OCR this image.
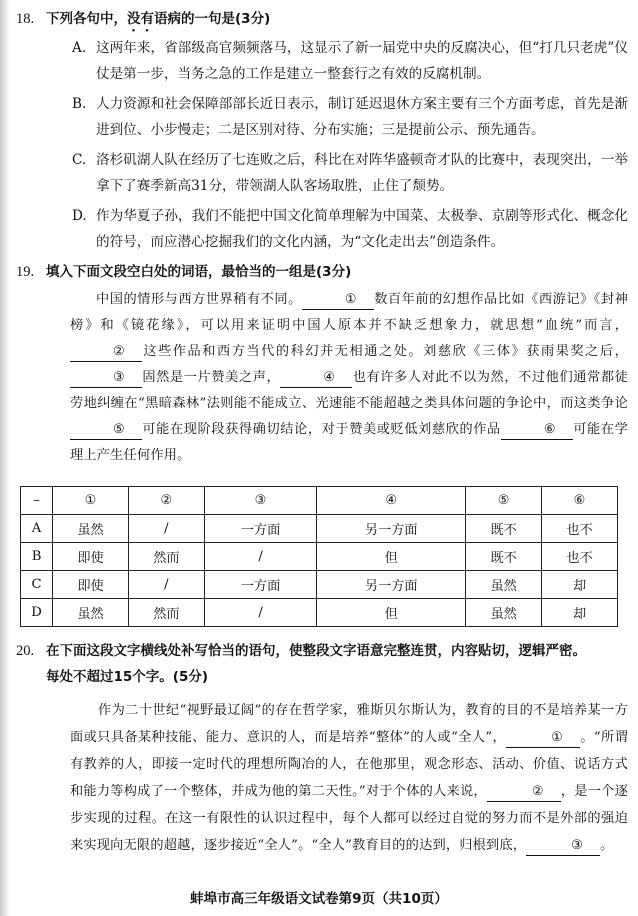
18. 下列各句中，没有语病的一句是(3分)
A. 这两年来，省部级高官频频落马，这显示了新一届党中央的反腐决心，但“打几只老虎”仪仗是第一步，当务之急的工作是建立一整套行之有效的反腐机制。
B. 人力资源和社会保障部部长近日表示，制订延迟退休方案主要有三个方面考虑，首先是渐进到位、小步慢走；二是区别对待、分布实施；三是提前公示、预先通告。
C. 洛杉矶湖人队在经历了七连败之后，科比在对阵华盛顿奇才队的比赛中，表现突出，一举拿下了赛季新高31分，带领湖人队客场取胜，止住了颓势。
D. 作为华夏子孙，我们不能把中国文化简单理解为中国菜、太极拳、京剧等形式化、概念化的符号，而应潜心挖掘我们的文化内涵，为“文化走出去”创造条件。
19. 填入下面文段空白处的词语，最恰当的一组是(3分)
中国的情形与西方世界稍有不同。	① 数百年前的幻想作品比如《西游记》《封神榜》和《镜花缘》，可以用来证明中国人原本并不缺乏想象力，就思想“血统”而言，② 这些作品和西方当代的科幻并无相通之处。刘慈欣《三体》获雨果奖之后，③ 固然是一片赞美之声，	④ 也有许多人对此不以为然，不过他们通常都徒劳地纠缠在“黑暗森林”法则能不能成立、光速能不能超越之类具体问题的争论中，而这类争论⑤ 可能在现阶段获得确切结论，对于赞美或贬低刘慈欣的作品	⑥ 可能在学理上产生任何作用。
–	①	②	③	④	⑤	⑥
A	虽然	/	一方面	另一方面	既不	也不
B	即使	然而	/	但	既不	也不
C	即使	/	一方面	另一方面	虽然	却
D	虽然	然而	/	但	虽然	却
20. 在下面这段文字横线处补写恰当的语句，使整段文字语意完整连贯，内容贴切，逻辑严密。
每处不超过15个字。(5分)
作为二十世纪“视野最辽阔”的存在哲学家，雅斯贝尔斯认为，教育的目的不是培养某一方面或只具备某种技能、能力、意识的人，而是培养“整体”的人或“全人”，	① 。“所谓有教养的人，即接一定时代的理想所陶冶的人，在他那里，观念形态、活动、价值、说话方式和能力等构成了一个整体，并成为他的第二天性。”对于个体的人来说，	② ，是一个逐步实现的过程。在这一有限性的认识过程中，每个人都可以经过自觉的努力而不是外部的强迫来实现向无限的超越，逐步接近“全人”。“全人”教育目的的达到，归根到底，	③ 。
蚌埠市高三年级语文试卷第9页（共10页）
